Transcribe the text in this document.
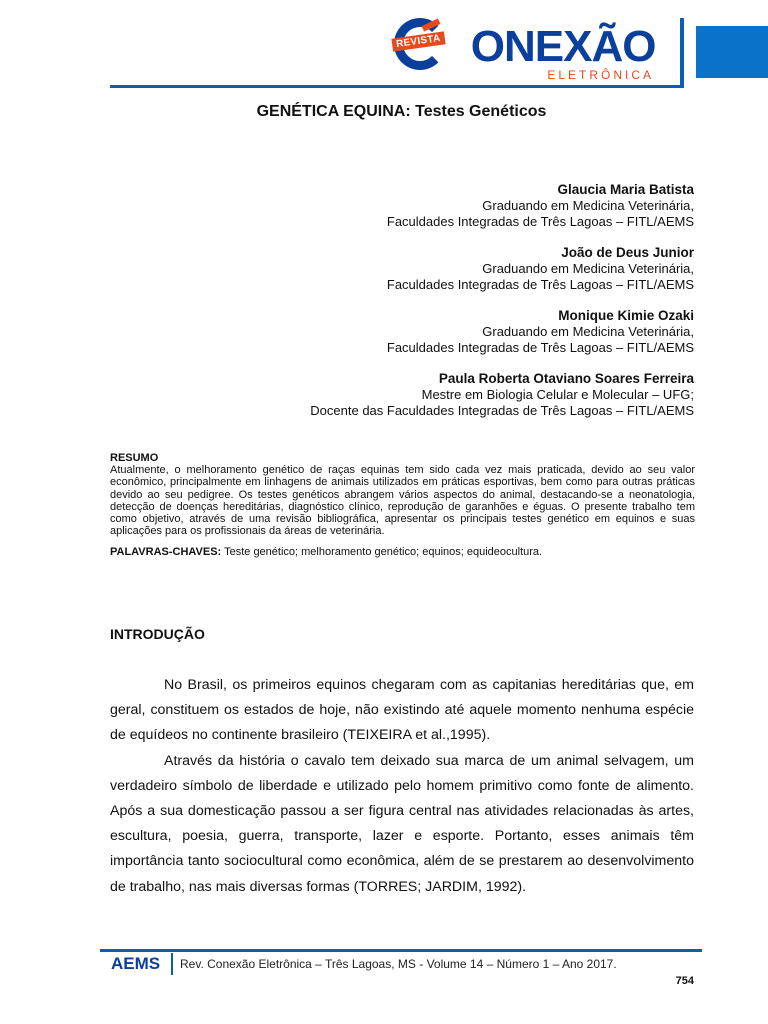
ONEXÃO
REVISTA
ELETRÔNICA
GENÉTICA EQUINA: Testes Genéticos
Glaucia Maria Batista
Graduando em Medicina Veterinária,
Faculdades Integradas de Três Lagoas – FITL/AEMS
João de Deus Junior
Graduando em Medicina Veterinária,
Faculdades Integradas de Três Lagoas – FITL/AEMS
Monique Kimie Ozaki
Graduando em Medicina Veterinária,
Faculdades Integradas de Três Lagoas – FITL/AEMS
Paula Roberta Otaviano Soares Ferreira
Mestre em Biologia Celular e Molecular – UFG;
Docente das Faculdades Integradas de Três Lagoas – FITL/AEMS
RESUMO
Atualmente, o melhoramento genético de raças equinas tem sido cada vez mais praticada, devido ao seu valor econômico, principalmente em linhagens de animais utilizados em práticas esportivas, bem como para outras práticas devido ao seu pedigree. Os testes genéticos abrangem vários aspectos do animal, destacando-se a neonatologia, detecção de doenças hereditárias, diagnóstico clínico, reprodução de garanhões e éguas. O presente trabalho tem como objetivo, através de uma revisão bibliográfica, apresentar os principais testes genético em equinos e suas aplicações para os profissionais da áreas de veterinária.
PALAVRAS-CHAVES: Teste genético; melhoramento genético; equinos; equideocultura.
INTRODUÇÃO

No Brasil, os primeiros equinos chegaram com as capitanias hereditárias que, em geral, constituem os estados de hoje, não existindo até aquele momento nenhuma espécie de equídeos no continente brasileiro (TEIXEIRA et al.,1995).

Através da história o cavalo tem deixado sua marca de um animal selvagem, um verdadeiro símbolo de liberdade e utilizado pelo homem primitivo como fonte de alimento. Após a sua domesticação passou a ser figura central nas atividades relacionadas às artes, escultura, poesia, guerra, transporte, lazer e esporte. Portanto, esses animais têm importância tanto sociocultural como econômica, além de se prestarem ao desenvolvimento de trabalho, nas mais diversas formas (TORRES; JARDIM, 1992).

AEMS Rev. Conexão Eletrônica – Três Lagoas, MS - Volume 14 – Número 1 – Ano 2017.
754
